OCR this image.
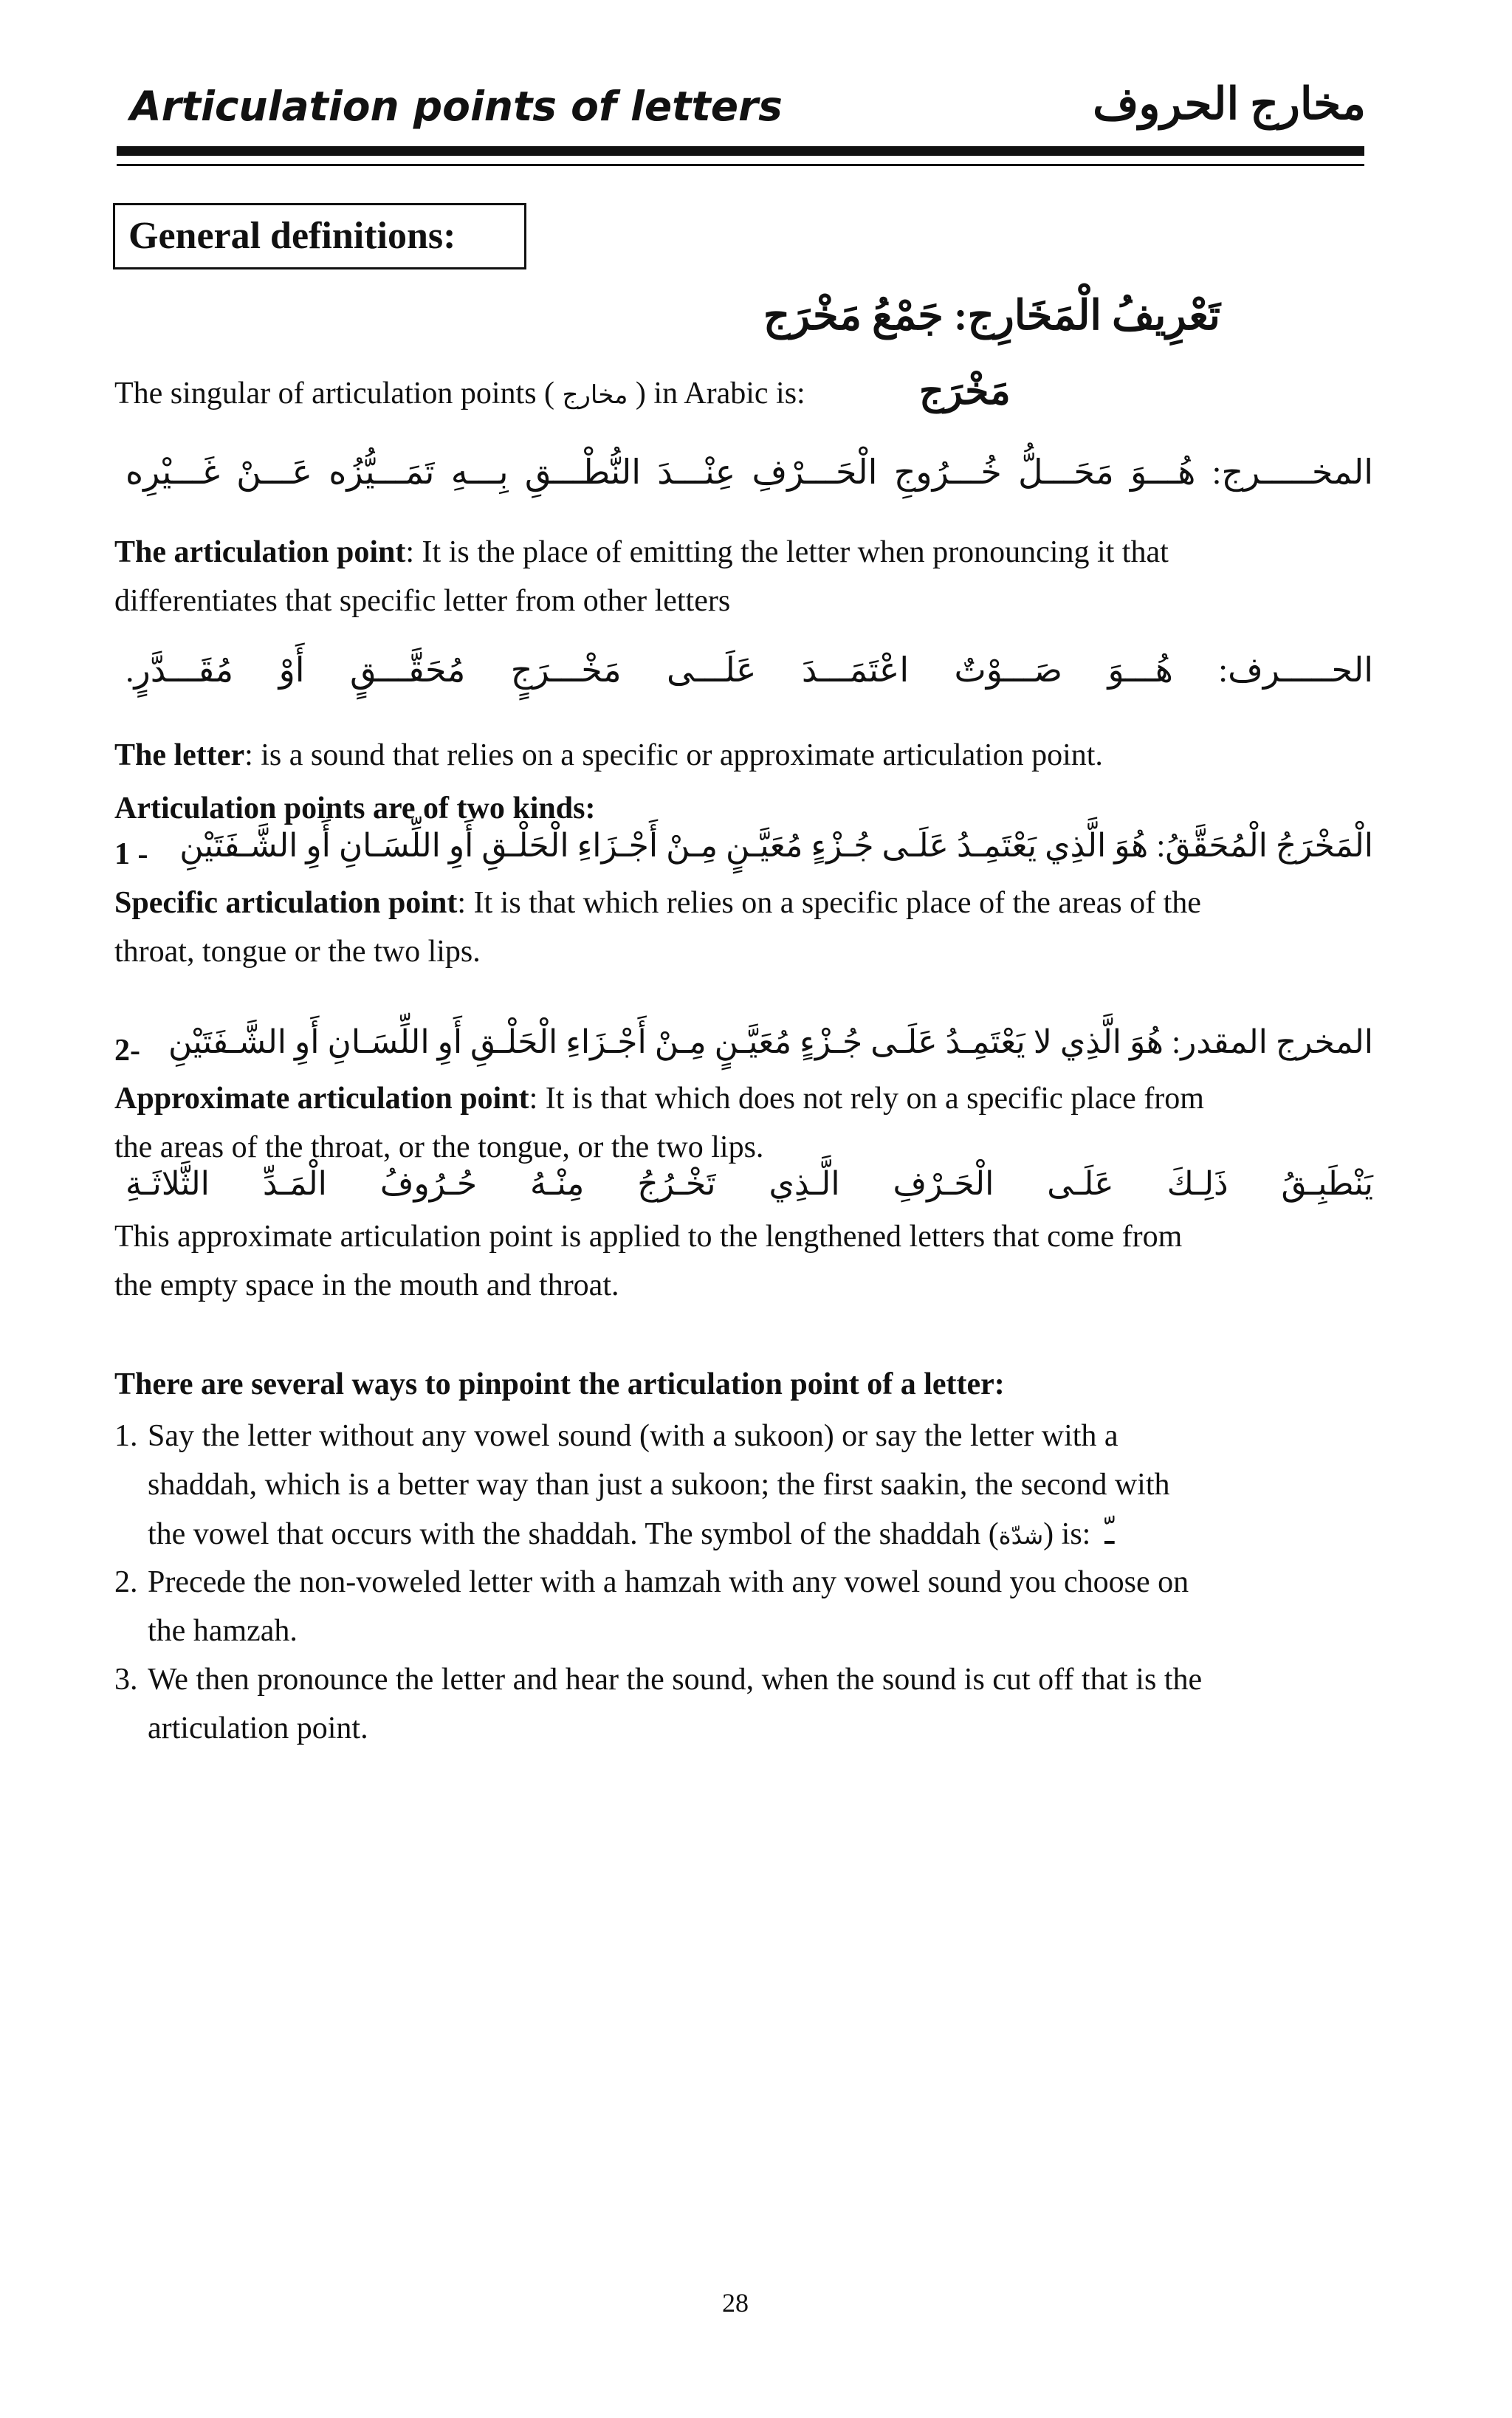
Articulation points of letters	مخارج الحروف
General definitions:
تَعْرِيفُ الْمَخَارِج: جَمْعُ مَخْرَج
The singular of articulation points ( مخارج ) in Arabic is:	مَخْرَج
المخـــــرج: هُـــوَ مَحَـــلُّ خُـــرُوجِ الْحَـــرْفِ عِنْـــدَ النُّطْـــقِ بِـــهِ تَمَـــيُّزُه عَـــنْ غَـــيْرِه
The articulation point: It is the place of emitting the letter when pronouncing it that
differentiates that specific letter from other letters
الحـــــرف: هُـــوَ صَـــوْتٌ اعْتَمَـــدَ عَلَـــى مَخْـــرَجٍ مُحَقَّـــقٍ أَوْ مُقَـــدَّرٍ.
The letter: is a sound that relies on a specific or approximate articulation point.
Articulation points are of two kinds:
1 - الْمَخْرَجُ الْمُحَقَّقُ: هُوَ الَّذِي يَعْتَمِـدُ عَلَـى جُـزْءٍ مُعَيَّـنٍ مِـنْ أَجْـزَاءِ الْحَلْـقِ أَوِ اللِّسَـانِ أَوِ الشَّـفَتَيْنِ
Specific articulation point: It is that which relies on a specific place of the areas of the
throat, tongue or the two lips.
2- المخرج المقدر: هُوَ الَّذِي لا يَعْتَمِـدُ عَلَـى جُـزْءٍ مُعَيَّـنٍ مِـنْ أَجْـزَاءِ الْحَلْـقِ أَوِ اللِّسَـانِ أَوِ الشَّـفَتَيْنِ
Approximate articulation point: It is that which does not rely on a specific place from
the areas of the throat, or the tongue, or the two lips.
يَنْطَبِـقُ ذَلِـكَ عَلَـى الْحَـرْفِ الَّـذِي تَخْـرُجُ مِنْـهُ حُـرُوفُ الْمَـدِّ الثَّلاثَـةِ
This approximate articulation point is applied to the lengthened letters that come from
the empty space in the mouth and throat.
There are several ways to pinpoint the articulation point of a letter:
1. Say the letter without any vowel sound (with a sukoon) or say the letter with a
shaddah, which is a better way than just a sukoon; the first saakin, the second with
the vowel that occurs with the shaddah. The symbol of the shaddah (شدّة) is: ـّ
2. Precede the non-voweled letter with a hamzah with any vowel sound you choose on
the hamzah.
3. We then pronounce the letter and hear the sound, when the sound is cut off that is the
articulation point.
28
